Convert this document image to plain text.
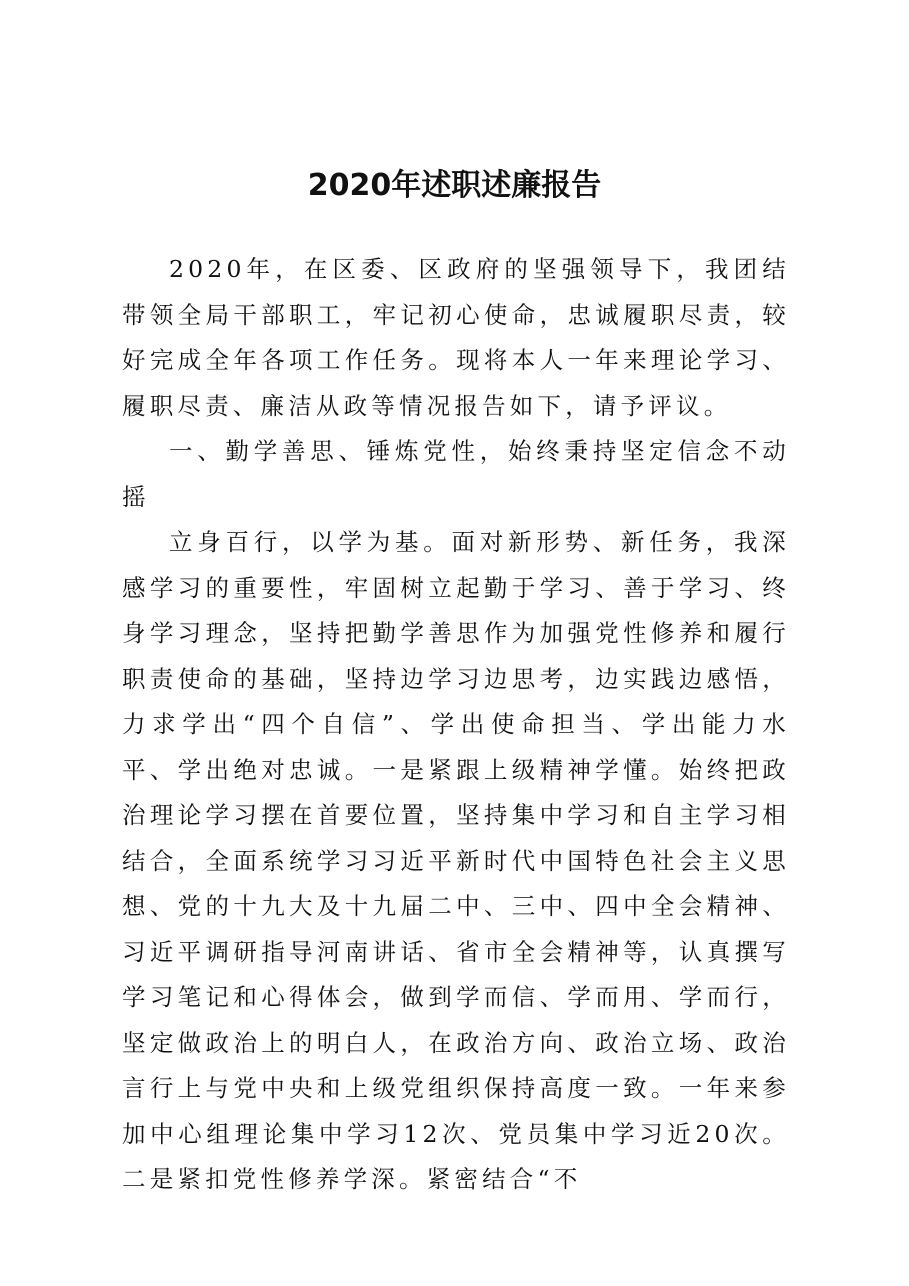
2020年述职述廉报告

2020年，在区委、区政府的坚强领导下，我团结带领全局干部职工，牢记初心使命，忠诚履职尽责，较好完成全年各项工作任务。现将本人一年来理论学习、履职尽责、廉洁从政等情况报告如下，请予评议。

一、勤学善思、锤炼党性，始终秉持坚定信念不动摇

立身百行，以学为基。面对新形势、新任务，我深感学习的重要性，牢固树立起勤于学习、善于学习、终身学习理念，坚持把勤学善思作为加强党性修养和履行职责使命的基础，坚持边学习边思考，边实践边感悟，力求学出“四个自信”、学出使命担当、学出能力水平、学出绝对忠诚。一是紧跟上级精神学懂。始终把政治理论学习摆在首要位置，坚持集中学习和自主学习相结合，全面系统学习习近平新时代中国特色社会主义思想、党的十九大及十九届二中、三中、四中全会精神、习近平调研指导河南讲话、省市全会精神等，认真撰写学习笔记和心得体会，做到学而信、学而用、学而行，坚定做政治上的明白人，在政治方向、政治立场、政治言行上与党中央和上级党组织保持高度一致。一年来参加中心组理论集中学习12次、党员集中学习近20次。二是紧扣党性修养学深。紧密结合“不
